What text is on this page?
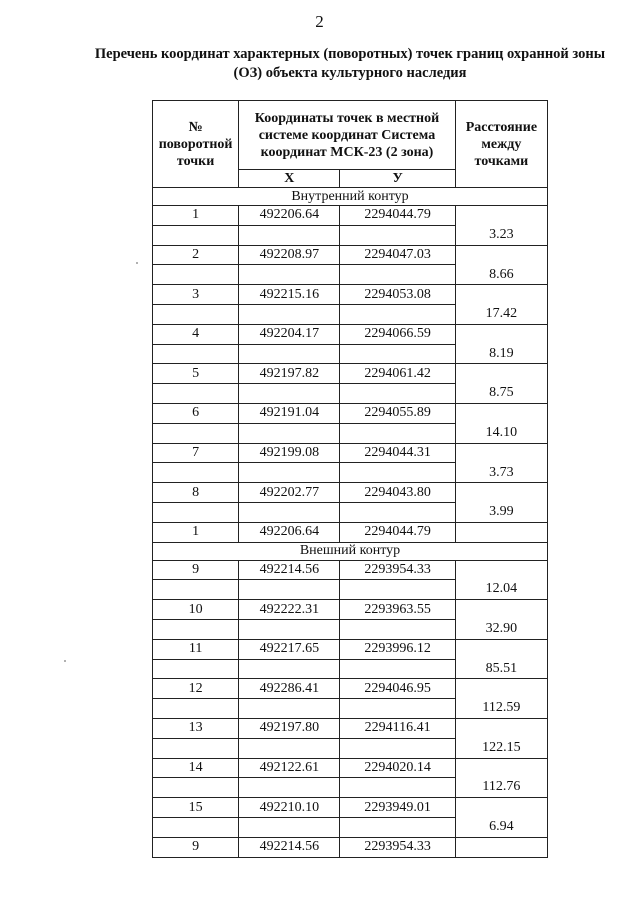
2
Перечень координат характерных (поворотных) точек границ охранной зоны (ОЗ) объекта культурного наследия
№ поворотной точки	Координаты точек в местной системе координат Система координат МСК-23 (2 зона)		Расстояние между точками
	X	У	
Внутренний контур			
1	492206.64	2294044.79	
			3.23
2	492208.97	2294047.03	
			8.66
3	492215.16	2294053.08	
			17.42
4	492204.17	2294066.59	
			8.19
5	492197.82	2294061.42	
			8.75
6	492191.04	2294055.89	
			14.10
7	492199.08	2294044.31	
			3.73
8	492202.77	2294043.80	
			3.99
1	492206.64	2294044.79	
Внешний контур			
9	492214.56	2293954.33	
			12.04
10	492222.31	2293963.55	
			32.90
11	492217.65	2293996.12	
			85.51
12	492286.41	2294046.95	
			112.59
13	492197.80	2294116.41	
			122.15
14	492122.61	2294020.14	
			112.76
15	492210.10	2293949.01	
			6.94
9	492214.56	2293954.33	
